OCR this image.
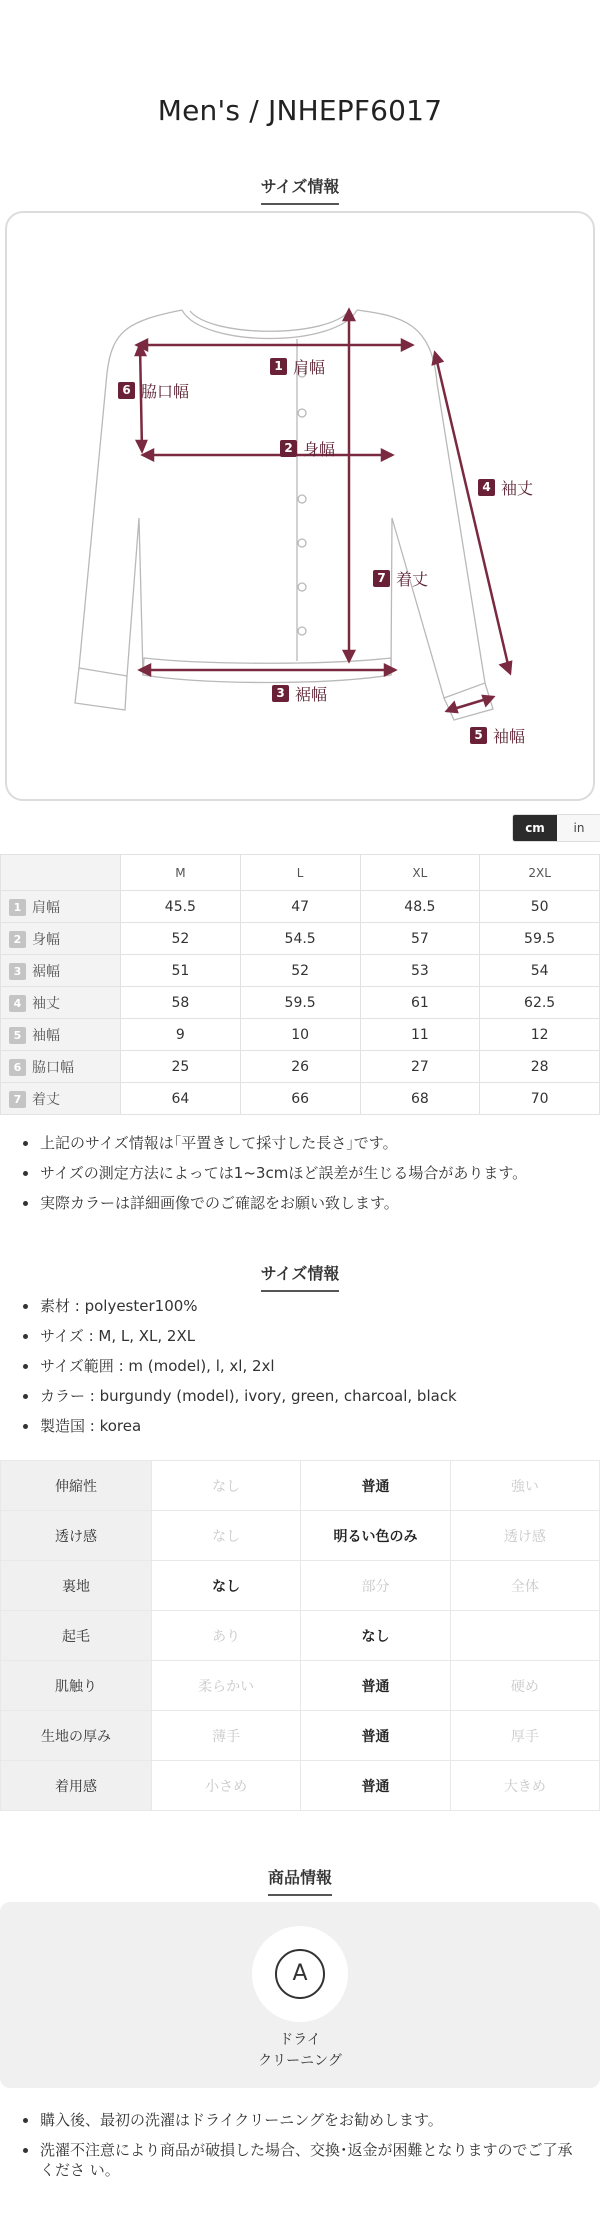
Men's / JNHEPF6017
サイズ情報
1 肩幅
2 身幅
3 裾幅
4 袖丈
5 袖幅
6 脇口幅
7 着丈
cm	in
	M	L	XL	2XL
1 肩幅	45.5	47	48.5	50
2 身幅	52	54.5	57	59.5
3 裾幅	51	52	53	54
4 袖丈	58	59.5	61	62.5
5 袖幅	9	10	11	12
6 脇口幅	25	26	27	28
7 着丈	64	66	68	70
上記のサイズ情報は｢平置きして採寸した長さ｣です。
サイズの測定方法によっては1~3cmほど誤差が生じる場合があります。
実際カラーは詳細画像でのご確認をお願い致します。
サイズ情報
素材 : polyester100%
サイズ : M, L, XL, 2XL
サイズ範囲 : m (model), l, xl, 2xl
カラー : burgundy (model), ivory, green, charcoal, black
製造国 : korea
伸縮性	なし	普通	強い
透け感	なし	明るい色のみ	透け感
裏地	なし	部分	全体
起毛	あり	なし	
肌触り	柔らかい	普通	硬め
生地の厚み	薄手	普通	厚手
着用感	小さめ	普通	大きめ
商品情報
A
ドライ
クリーニング
購入後、最初の洗濯はドライクリーニングをお勧めします。
洗濯不注意により商品が破損した場合、交換･返金が困難となりますのでご了承くださ い。
